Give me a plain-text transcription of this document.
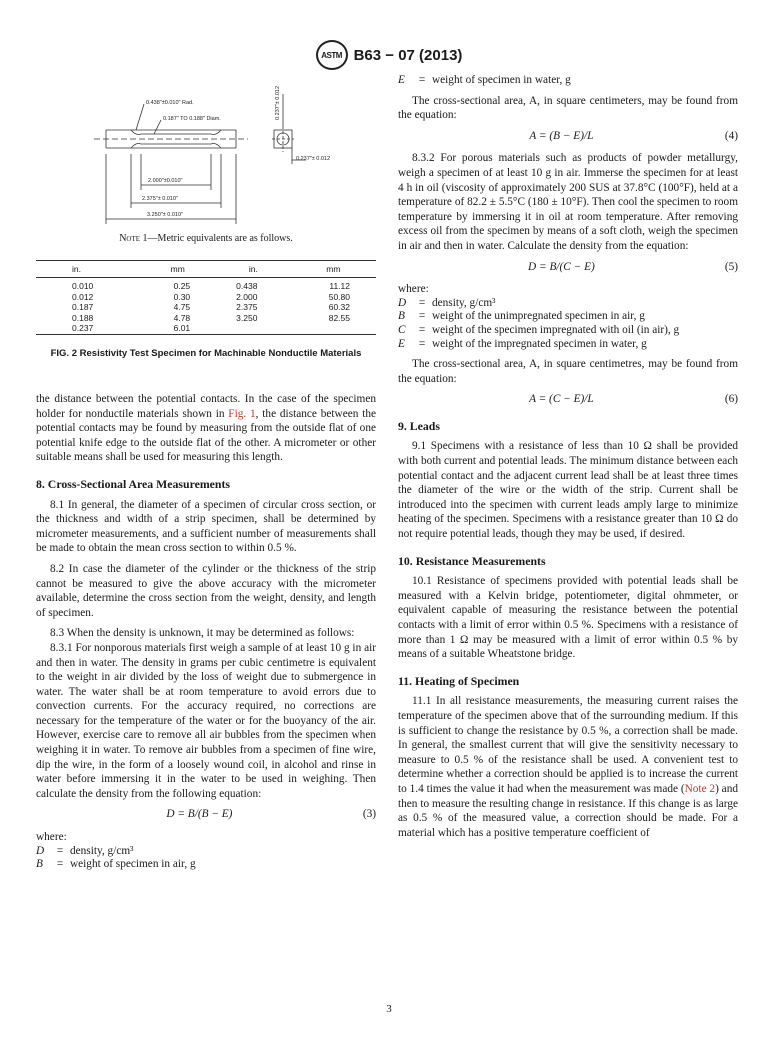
ASTM B63 − 07 (2013)
0.438"±0.010" Rad.
0.187" TO 0.188" Diam.	0.237"± 0.012
0.237"± 0.012
2.000"±0.010"
2.375"± 0.010"
3.250"± 0.010"
Note 1—Metric equivalents are as follows.
in.	mm	in.	mm
0.010	0.25	0.438	11.12
0.012	0.30	2.000	50.80
0.187	4.75	2.375	60.32
0.188	4.78	3.250	82.55
0.237	6.01		
FIG. 2 Resistivity Test Specimen for Machinable Nonductile Materials

the distance between the potential contacts. In the case of the specimen holder for nonductile materials shown in Fig. 1, the distance between the potential contacts may be found by measuring from the outside flat of one potential knife edge to the outside flat of the other. A micrometer or other suitable means shall be used for measuring this length.

8. Cross-Sectional Area Measurements

8.1 In general, the diameter of a specimen of circular cross section, or the thickness and width of a strip specimen, shall be determined by micrometer measurements, and a sufficient number of measurements shall be made to obtain the mean cross section to within 0.5 %.

8.2 In case the diameter of the cylinder or the thickness of the strip cannot be measured to give the above accuracy with the micrometer available, determine the cross section from the weight, density, and length of specimen.

8.3 When the density is unknown, it may be determined as follows:

8.3.1 For nonporous materials first weigh a sample of at least 10 g in air and then in water. The density in grams per cubic centimetre is equivalent to the weight in air divided by the loss of weight due to submergence in water. The water shall be at room temperature to avoid errors due to convection currents. For the accuracy required, no corrections are necessary for the temperature of the water or for the buoyancy of the air. However, exercise care to remove all air bubbles from the specimen when weighing it in water. To remove air bubbles from a specimen of fine wire, dip the wire, in the form of a loosely wound coil, in alcohol and rinse in water before immersing it in the water to be used in weighing. Then calculate the density from the following equation:

D = B/(B − E)	(3)

where:

D	= density, g/cm³
B	= weight of specimen in air, g
E	= weight of specimen in water, g

The cross-sectional area, A, in square centimeters, may be found from the equation:

A = (B − E)/L	(4)

8.3.2 For porous materials such as products of powder metallurgy, weigh a specimen of at least 10 g in air. Immerse the specimen for at least 4 h in oil (viscosity of approximately 200 SUS at 37.8°C (100°F), held at a temperature of 82.2 ± 5.5°C (180 ± 10°F). Then cool the specimen to room temperature by immersing it in oil at room temperature. After removing excess oil from the specimen by means of a soft cloth, weigh the specimen in air and then in water. Calculate the density from the equation:

D = B/(C − E)	(5)

where:

D	= density, g/cm³
B	= weight of the unimpregnated specimen in air, g
C	= weight of the specimen impregnated with oil (in air), g
E	= weight of the impregnated specimen in water, g

The cross-sectional area, A, in square centimetres, may be found from the equation:

A = (C − E)/L	(6)
9. Leads

9.1 Specimens with a resistance of less than 10 Ω shall be provided with both current and potential leads. The minimum distance between each potential contact and the adjacent current lead shall be at least three times the diameter of the wire or the width of the strip. Current shall be introduced into the specimen with current leads amply large to minimize heating of the specimen. Specimens with a resistance greater than 10 Ω do not require potential leads, though they may be used, if desired.

10. Resistance Measurements

10.1 Resistance of specimens provided with potential leads shall be measured with a Kelvin bridge, potentiometer, digital ohmmeter, or equivalent capable of measuring the resistance between the potential contacts with a limit of error within 0.5 %. Specimens with a resistance of more than 1 Ω may be measured with a limit of error within 0.5 % by means of a suitable Wheatstone bridge.

11. Heating of Specimen

11.1 In all resistance measurements, the measuring current raises the temperature of the specimen above that of the surrounding medium. If this is sufficient to change the resistance by 0.5 %, a correction shall be made. In general, the smallest current that will give the sensitivity necessary to measure to 0.5 % of the resistance shall be used. A convenient test to determine whether a correction should be applied is to increase the current to 1.4 times the value it had when the measurement was made (Note 2) and then to measure the resulting change in resistance. If this change is as large as 0.5 % of the measured value, a correction should be made. For a material which has a positive temperature coefficient of

3
